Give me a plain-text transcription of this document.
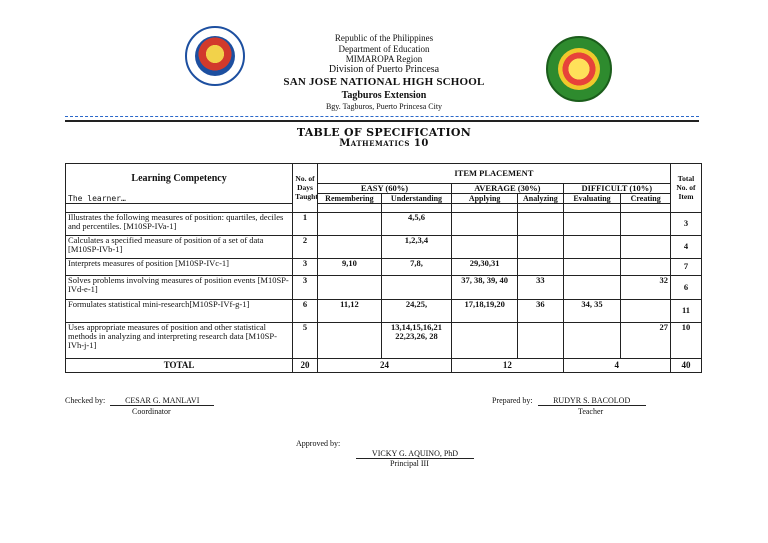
Republic of the Philippines
Department of Education
MIMAROPA Region
Division of Puerto Princesa
SAN JOSE NATIONAL HIGH SCHOOL
Tagburos Extension
Bgy. Tagburos, Puerto Princesa City
TABLE OF SPECIFICATION
Mathematics 10
Learning Competency	No. of Days Taught	ITEM PLACEMENT						Total No. of Item
The learner…		EASY (60%)		AVERAGE (30%)		DIFFICULT (10%)		
		Remembering	Understanding	Applying	Analyzing	Evaluating	Creating	

Illustrates the following measures of position: quartiles, deciles and percentiles. [M10SP-IVa-1]	1		4,5,6					3
Calculates a specified measure of position of a set of data [M10SP-IVb-1]	2		1,2,3,4					4
Interprets measures of position [M10SP-IVc-1]	3	9,10	7,8,	29,30,31				7
Solves problems involving measures of position events [M10SP-IVd-e-1]	3			37, 38, 39, 40	33		32	6
Formulates statistical mini-research[M10SP-IVf-g-1]	6	11,12	24,25,	17,18,19,20	36	34, 35		11
Uses appropriate measures of position and other statistical methods in analyzing and interpreting research data [M10SP-IVh-j-1]	5		13,14,15,16,21 22,23,26, 28				27	10
TOTAL	20	24		12		4		40
Checked by: CESAR G. MANLAVI
Coordinator
Prepared by:	RUDYR S. BACOLOD
Teacher
Approved by:
VICKY G. AQUINO, PhD
Principal III
